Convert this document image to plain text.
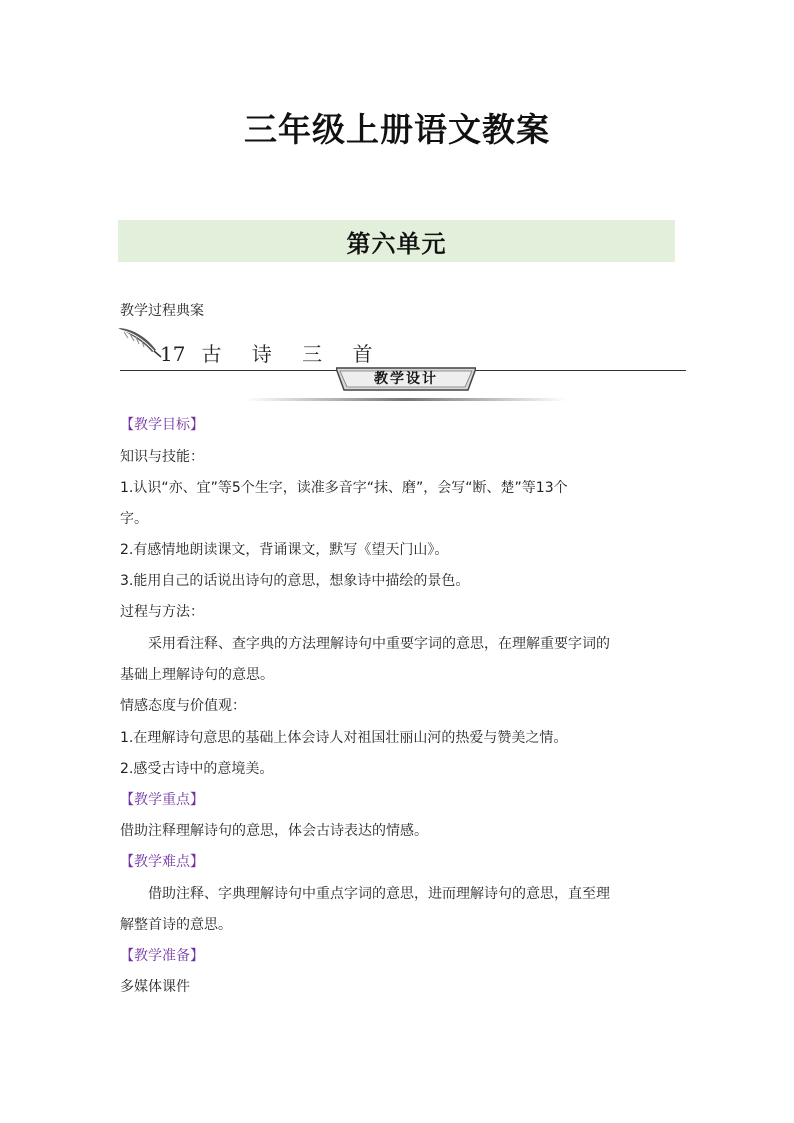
三年级上册语文教案
第六单元
教学过程典案
17 古 诗 三 首
教学设计
【教学目标】
知识与技能：
1.认识“亦、宜”等5个生字，读准多音字“抹、磨”，会写“断、楚”等13个
字。
2.有感情地朗读课文，背诵课文，默写《望天门山》。
3.能用自己的话说出诗句的意思，想象诗中描绘的景色。
过程与方法：
采用看注释、查字典的方法理解诗句中重要字词的意思，在理解重要字词的
基础上理解诗句的意思。
情感态度与价值观：
1.在理解诗句意思的基础上体会诗人对祖国壮丽山河的热爱与赞美之情。
2.感受古诗中的意境美。
【教学重点】
借助注释理解诗句的意思，体会古诗表达的情感。
【教学难点】
借助注释、字典理解诗句中重点字词的意思，进而理解诗句的意思，直至理
解整首诗的意思。
【教学准备】
多媒体课件
